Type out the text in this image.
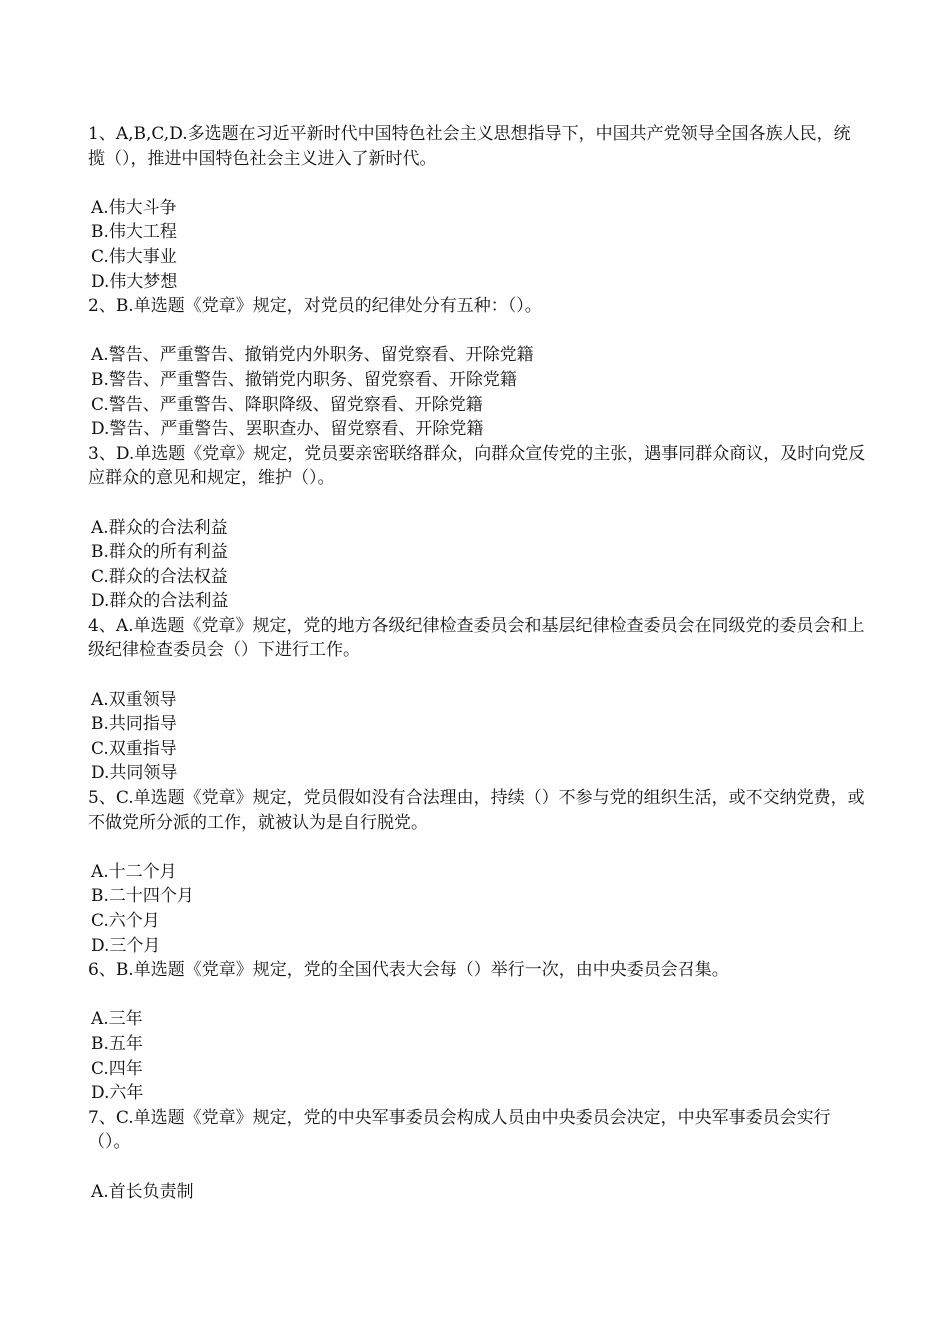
1、A,B,C,D.多选题在习近平新时代中国特色社会主义思想指导下，中国共产党领导全国各族人民，统揽（），推进中国特色社会主义进入了新时代。
A.伟大斗争
B.伟大工程
C.伟大事业
D.伟大梦想
2、B.单选题《党章》规定，对党员的纪律处分有五种：（）。
A.警告、严重警告、撤销党内外职务、留党察看、开除党籍
B.警告、严重警告、撤销党内职务、留党察看、开除党籍
C.警告、严重警告、降职降级、留党察看、开除党籍
D.警告、严重警告、罢职查办、留党察看、开除党籍
3、D.单选题《党章》规定，党员要亲密联络群众，向群众宣传党的主张，遇事同群众商议，及时向党反应群众的意见和规定，维护（）。
A.群众的合法利益
B.群众的所有利益
C.群众的合法权益
D.群众的合法利益
4、A.单选题《党章》规定，党的地方各级纪律检查委员会和基层纪律检查委员会在同级党的委员会和上级纪律检查委员会（）下进行工作。
A.双重领导
B.共同指导
C.双重指导
D.共同领导
5、C.单选题《党章》规定，党员假如没有合法理由，持续（）不参与党的组织生活，或不交纳党费，或不做党所分派的工作，就被认为是自行脱党。
A.十二个月
B.二十四个月
C.六个月
D.三个月
6、B.单选题《党章》规定，党的全国代表大会每（）举行一次，由中央委员会召集。
A.三年
B.五年
C.四年
D.六年
7、C.单选题《党章》规定，党的中央军事委员会构成人员由中央委员会决定，中央军事委员会实行（）。
A.首长负责制
